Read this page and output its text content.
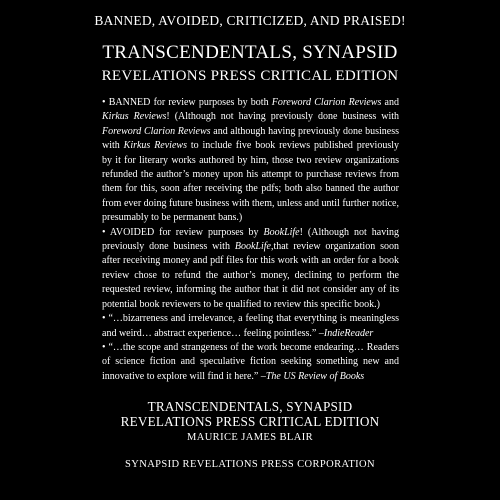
BANNED, AVOIDED, CRITICIZED, AND PRAISED!
TRANSCENDENTALS, SYNAPSID
REVELATIONS PRESS CRITICAL EDITION

• BANNED for review purposes by both Foreword Clarion Reviews and Kirkus Reviews! (Although not having previously done business with Foreword Clarion Reviews and although having previously done business with Kirkus Reviews to include five book reviews published previously by it for literary works authored by him, those two review organizations refunded the author’s money upon his attempt to purchase reviews from them for this, soon after receiving the pdfs; both also banned the author from ever doing future business with them, unless and until further notice, presumably to be permanent bans.)

• AVOIDED for review purposes by BookLife! (Although not having previously done business with BookLife,that review organization soon after receiving money and pdf files for this work with an order for a book review chose to refund the author’s money, declining to perform the requested review, informing the author that it did not consider any of its potential book reviewers to be qualified to review this specific book.)

• “…bizarreness and irrelevance, a feeling that everything is meaningless and weird… abstract experience… feeling pointless.” –IndieReader

• “…the scope and strangeness of the work become endearing… Readers of science fiction and speculative fiction seeking something new and innovative to explore will find it here.” –The US Review of Books

TRANSCENDENTALS, SYNAPSID
REVELATIONS PRESS CRITICAL EDITION
MAURICE JAMES BLAIR
SYNAPSID REVELATIONS PRESS CORPORATION
